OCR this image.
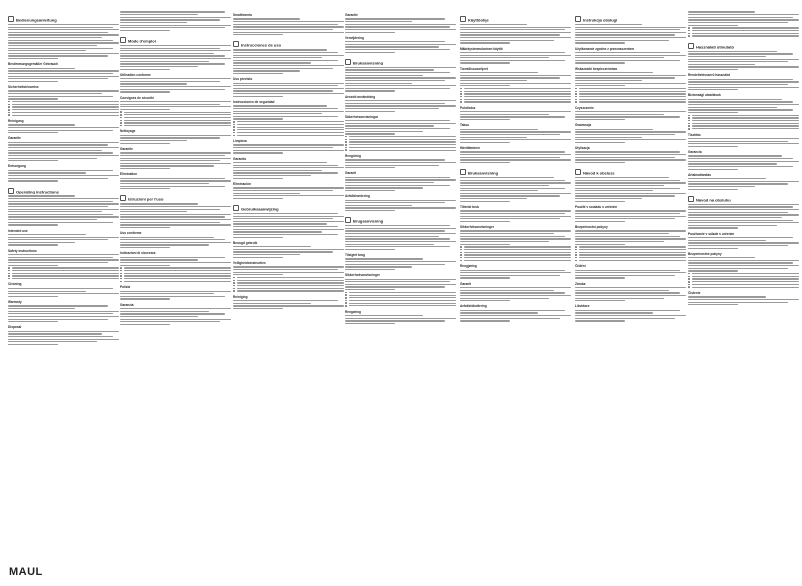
Bedienungsanleitung
Bestimmungsgemäßer Gebrauch
Sicherheitshinweise
Reinigung
Garantie
Entsorgung
Operating instructions
Intended use
Safety instructions
Cleaning
Warranty
Disposal
Mode d'emploi
Utilisation conforme
Consignes de sécurité
Nettoyage
Garantie
Élimination
Istruzioni per l'uso
Uso conforme
Indicazioni di sicurezza
Pulizia
Garanzia
Smaltimento
Instrucciones de uso
Uso previsto
Instrucciones de seguridad
Limpieza
Garantía
Eliminación
Gebruiksaanwijzing
Beoogd gebruik
Veiligheidsinstructies
Reiniging
Garantie
Verwijdering
Bruksanvisning
Avsedd användning
Säkerhetsanvisningar
Rengöring
Garanti
Avfallshantering
Brugsanvisning
Tilsigtet brug
Sikkerhedsanvisninger
Rengøring
Käyttöohje
Määräystenmukainen käyttö
Turvallisuusohjeet
Puhdistus
Takuu
Hävittäminen
Bruksanvisning
Tiltenkt bruk
Sikkerhetsanvisninger
Rengjøring
Garanti
Avfallshåndtering
Instrukcja obsługi
Użytkowanie zgodne z przeznaczeniem
Wskazówki bezpieczeństwa
Czyszczenie
Gwarancja
Utylizacja
Návod k obsluze
Použití v souladu s určením
Bezpečnostní pokyny
Čištění
Záruka
Likvidace
Használati útmutató
Rendeltetésszerű használat
Biztonsági utasítások
Tisztítás
Garancia
Ártalmatlanítás
Návod na obsluhu
Používanie v súlade s určením
Bezpečnostné pokyny
Čistenie
MAUL
